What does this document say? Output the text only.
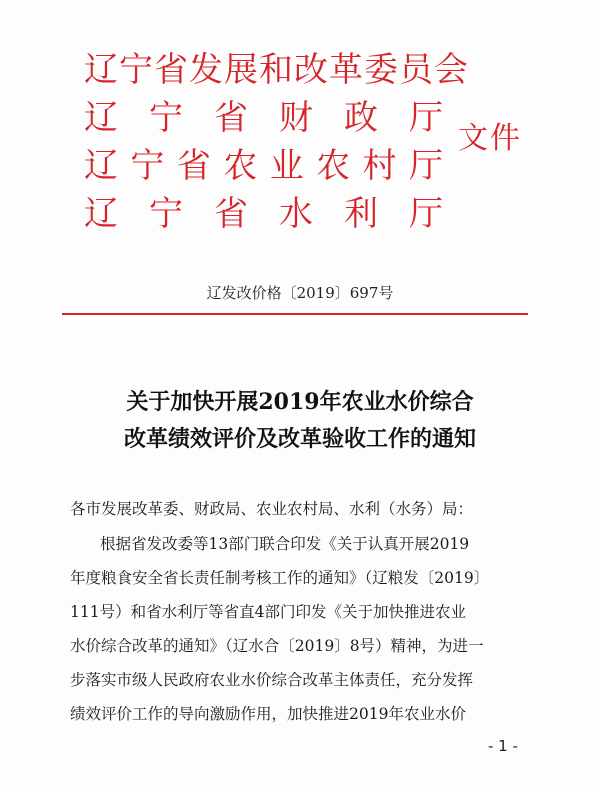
辽宁省发展和改革委员会
辽 宁 省 财 政 厅
辽 宁 省 农 业 农 村 厅
辽 宁 省 水 利 厅
文件
辽发改价格〔2019〕697号
关于加快开展2019年农业水价综合
改革绩效评价及改革验收工作的通知
各市发展改革委、财政局、农业农村局、水利（水务）局：
根据省发改委等13部门联合印发《关于认真开展2019
年度粮食安全省长责任制考核工作的通知》（辽粮发〔2019〕
111号）和省水利厅等省直4部门印发《关于加快推进农业
水价综合改革的通知》（辽水合〔2019〕8号）精神，为进一
步落实市级人民政府农业水价综合改革主体责任，充分发挥
绩效评价工作的导向激励作用，加快推进2019年农业水价
- 1 -
